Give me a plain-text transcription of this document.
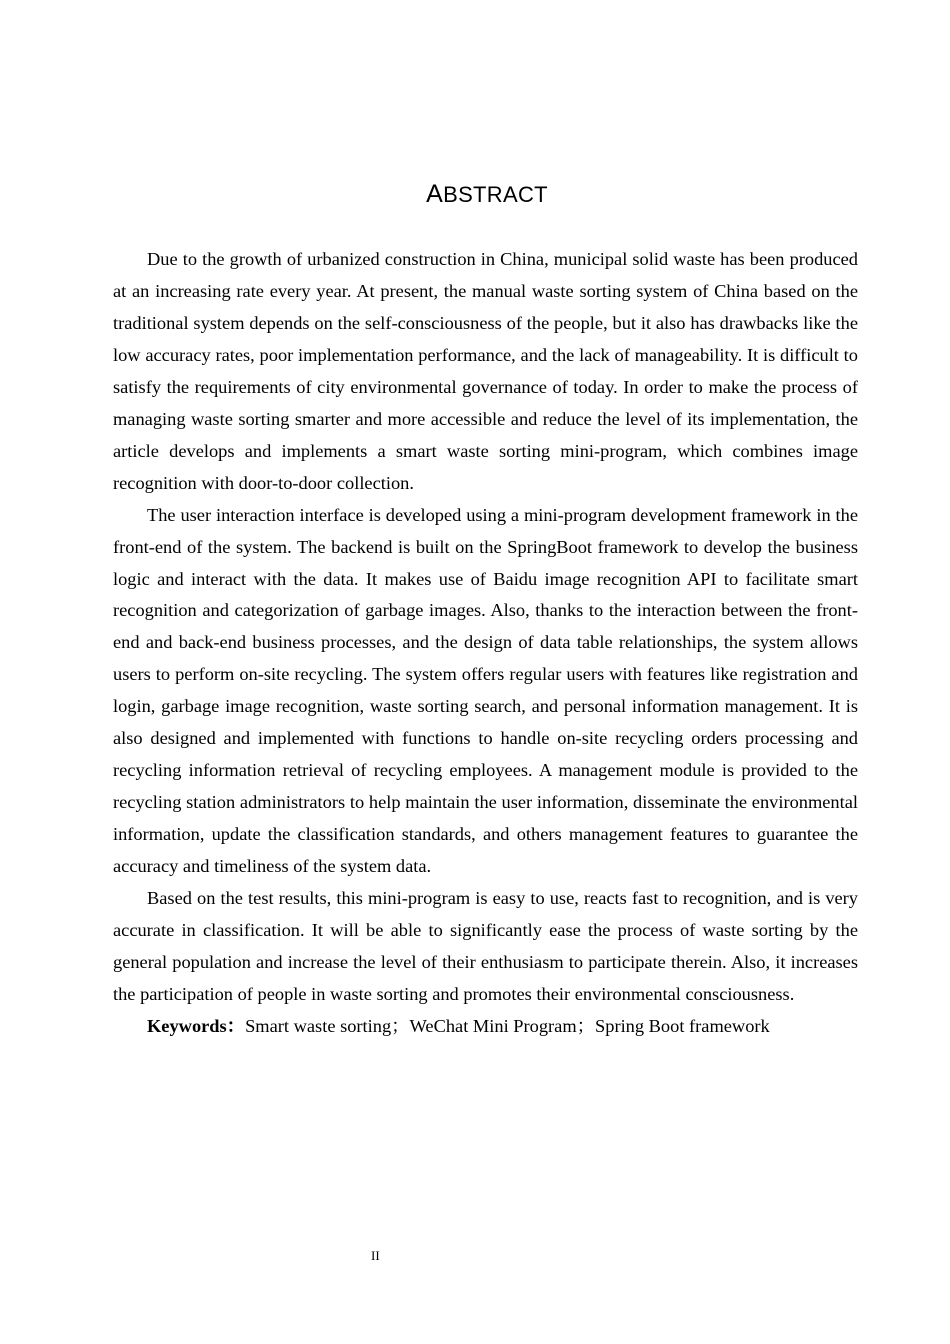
ABSTRACT

Due to the growth of urbanized construction in China, municipal solid waste has been produced at an increasing rate every year. At present, the manual waste sorting system of China based on the traditional system depends on the self-consciousness of the people, but it also has drawbacks like the low accuracy rates, poor implementation performance, and the lack of manageability. It is difficult to satisfy the requirements of city environmental governance of today. In order to make the process of managing waste sorting smarter and more accessible and reduce the level of its implementation, the article develops and implements a smart waste sorting mini-program, which combines image recognition with door-to-door collection.

The user interaction interface is developed using a mini-program development framework in the front-end of the system. The backend is built on the SpringBoot framework to develop the business logic and interact with the data. It makes use of Baidu image recognition API to facilitate smart recognition and categorization of garbage images. Also, thanks to the interaction between the front-end and back-end business processes, and the design of data table relationships, the system allows users to perform on-site recycling. The system offers regular users with features like registration and login, garbage image recognition, waste sorting search, and personal information management. It is also designed and implemented with functions to handle on-site recycling orders processing and recycling information retrieval of recycling employees. A management module is provided to the recycling station administrators to help maintain the user information, disseminate the environmental information, update the classification standards, and others management features to guarantee the accuracy and timeliness of the system data.

Based on the test results, this mini-program is easy to use, reacts fast to recognition, and is very accurate in classification. It will be able to significantly ease the process of waste sorting by the general population and increase the level of their enthusiasm to participate therein. Also, it increases the participation of people in waste sorting and promotes their environmental consciousness.

Keywords：Smart waste sorting；WeChat Mini Program；Spring Boot framework

II
